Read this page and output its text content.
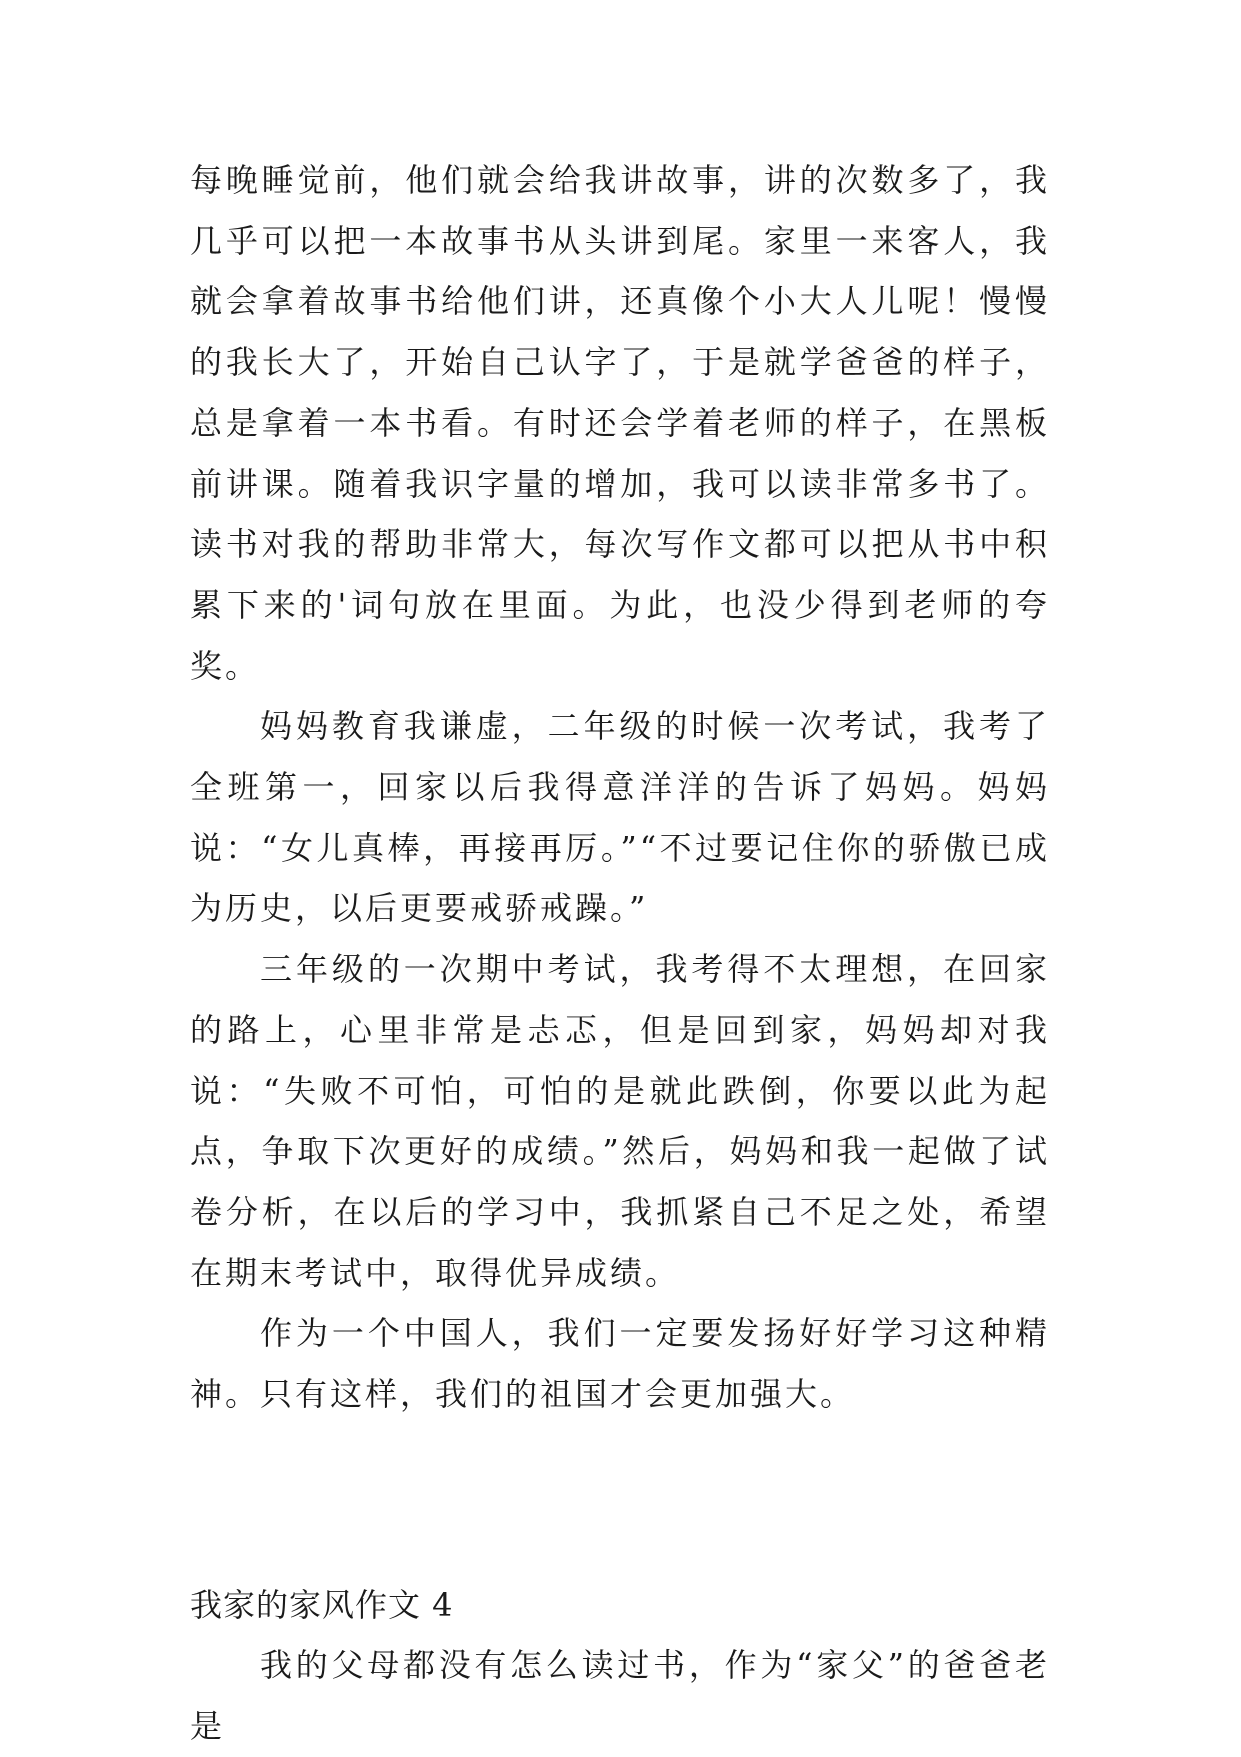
每晚睡觉前，他们就会给我讲故事，讲的次数多了，我几乎可以把一本故事书从头讲到尾。家里一来客人，我就会拿着故事书给他们讲，还真像个小大人儿呢！慢慢的我长大了，开始自己认字了，于是就学爸爸的样子，总是拿着一本书看。有时还会学着老师的样子，在黑板前讲课。随着我识字量的增加，我可以读非常多书了。读书对我的帮助非常大，每次写作文都可以把从书中积累下来的'词句放在里面。为此，也没少得到老师的夸奖。

妈妈教育我谦虚，二年级的时候一次考试，我考了全班第一，回家以后我得意洋洋的告诉了妈妈。妈妈说：“女儿真棒，再接再厉。”“不过要记住你的骄傲已成为历史，以后更要戒骄戒躁。”

三年级的一次期中考试，我考得不太理想，在回家的路上，心里非常是忐忑，但是回到家，妈妈却对我说：“失败不可怕，可怕的是就此跌倒，你要以此为起点，争取下次更好的成绩。”然后，妈妈和我一起做了试卷分析，在以后的学习中，我抓紧自己不足之处，希望在期末考试中，取得优异成绩。

作为一个中国人，我们一定要发扬好好学习这种精神。只有这样，我们的祖国才会更加强大。

我家的家风作文 4

我的父母都没有怎么读过书，作为“家父”的爸爸老是
